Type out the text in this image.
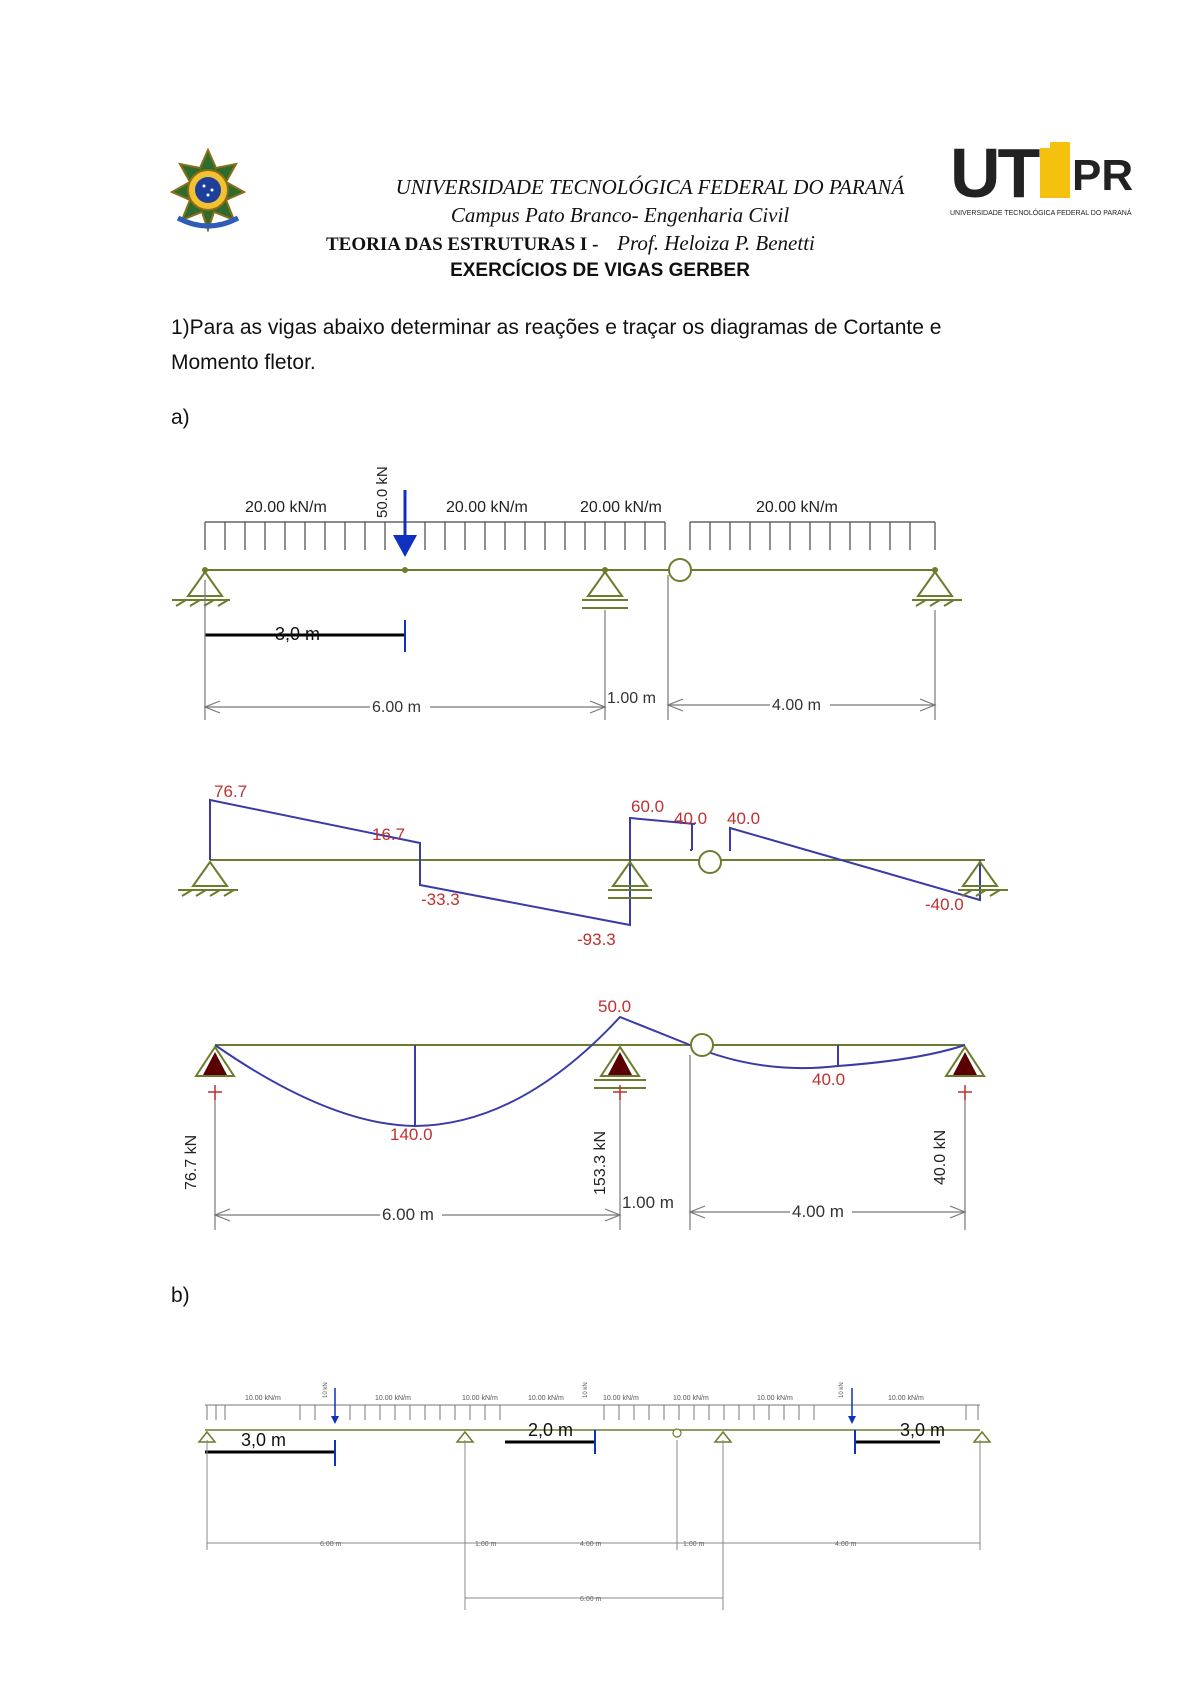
UNIVERSIDADE TECNOLÓGICA FEDERAL DO PARANÁ
Campus Pato Branco- Engenharia Civil
TEORIA DAS ESTRUTURAS I - Prof. Heloiza P. Benetti
EXERCÍCIOS DE VIGAS GERBER
UT PR
UNIVERSIDADE TECNOLÓGICA FEDERAL DO PARANÁ
1)Para as vigas abaixo determinar as reações e traçar os diagramas de Cortante e
Momento fletor.
a)
b)
20.00 kN/m	20.00 kN/m	20.00 kN/m	20.00 kN/m
50.0 kN
3,0 m
6.00 m
1.00 m	4.00 m
76.7
16.7
-33.3
-93.3
60.0
40.0 40.0
-40.0
50.0
140.0
40.0
76.7 kN	153.3 kN	40.0 kN
6.00 m
1.00 m	4.00 m
10.00 kN/m	10.00 kN/m	10.00 kN/m	10.00 kN/m	10.00 kN/m	10.00 kN/m	10.00 kN/m	10.00 kN/m
10 kN	10 kN	10 kN
3,0 m	2,0 m	3,0 m
6.00 m	1.00 m	4.00 m	1.00 m	4.00 m
6.00 m
